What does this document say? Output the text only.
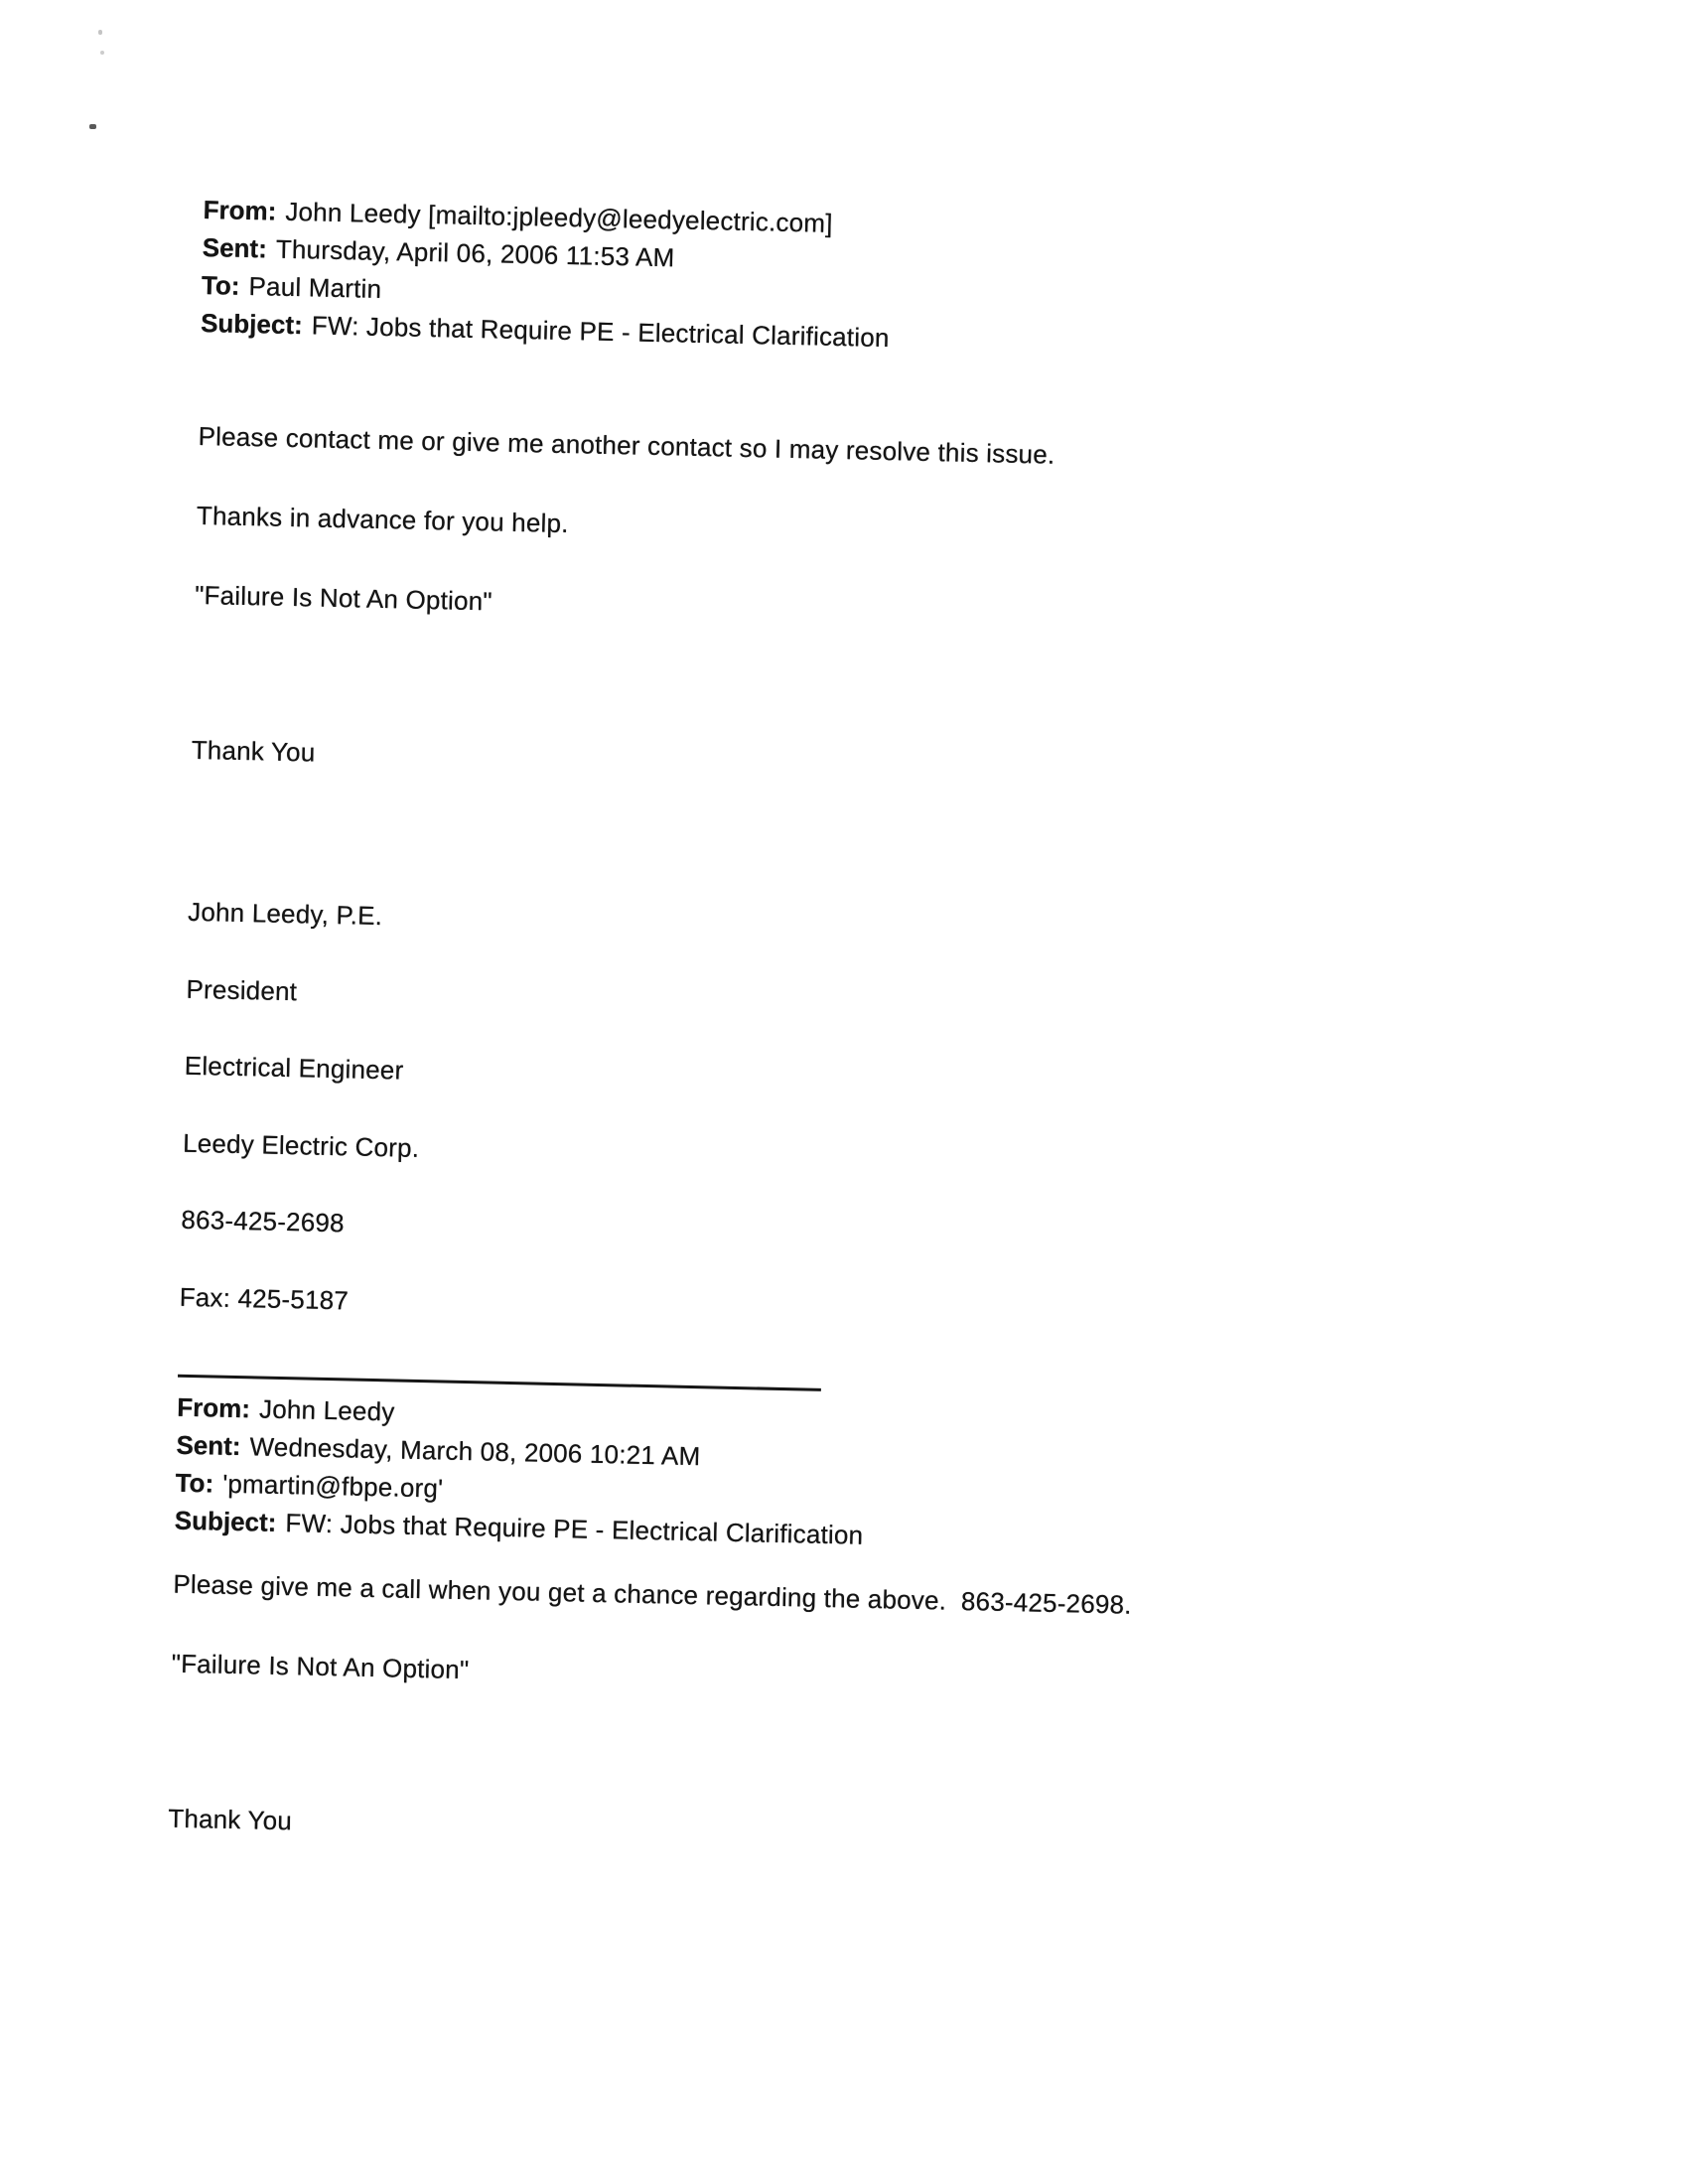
From: John Leedy [mailto:jpleedy@leedyelectric.com]
Sent: Thursday, April 06, 2006 11:53 AM
To: Paul Martin
Subject: FW: Jobs that Require PE - Electrical Clarification
Please contact me or give me another contact so I may resolve this issue.
Thanks in advance for you help.
"Failure Is Not An Option"
Thank You
John Leedy, P.E.
President
Electrical Engineer
Leedy Electric Corp.
863-425-2698
Fax: 425-5187
From: John Leedy
Sent: Wednesday, March 08, 2006 10:21 AM
To: 'pmartin@fbpe.org'
Subject: FW: Jobs that Require PE - Electrical Clarification
Please give me a call when you get a chance regarding the above.  863-425-2698.
"Failure Is Not An Option"
Thank You
